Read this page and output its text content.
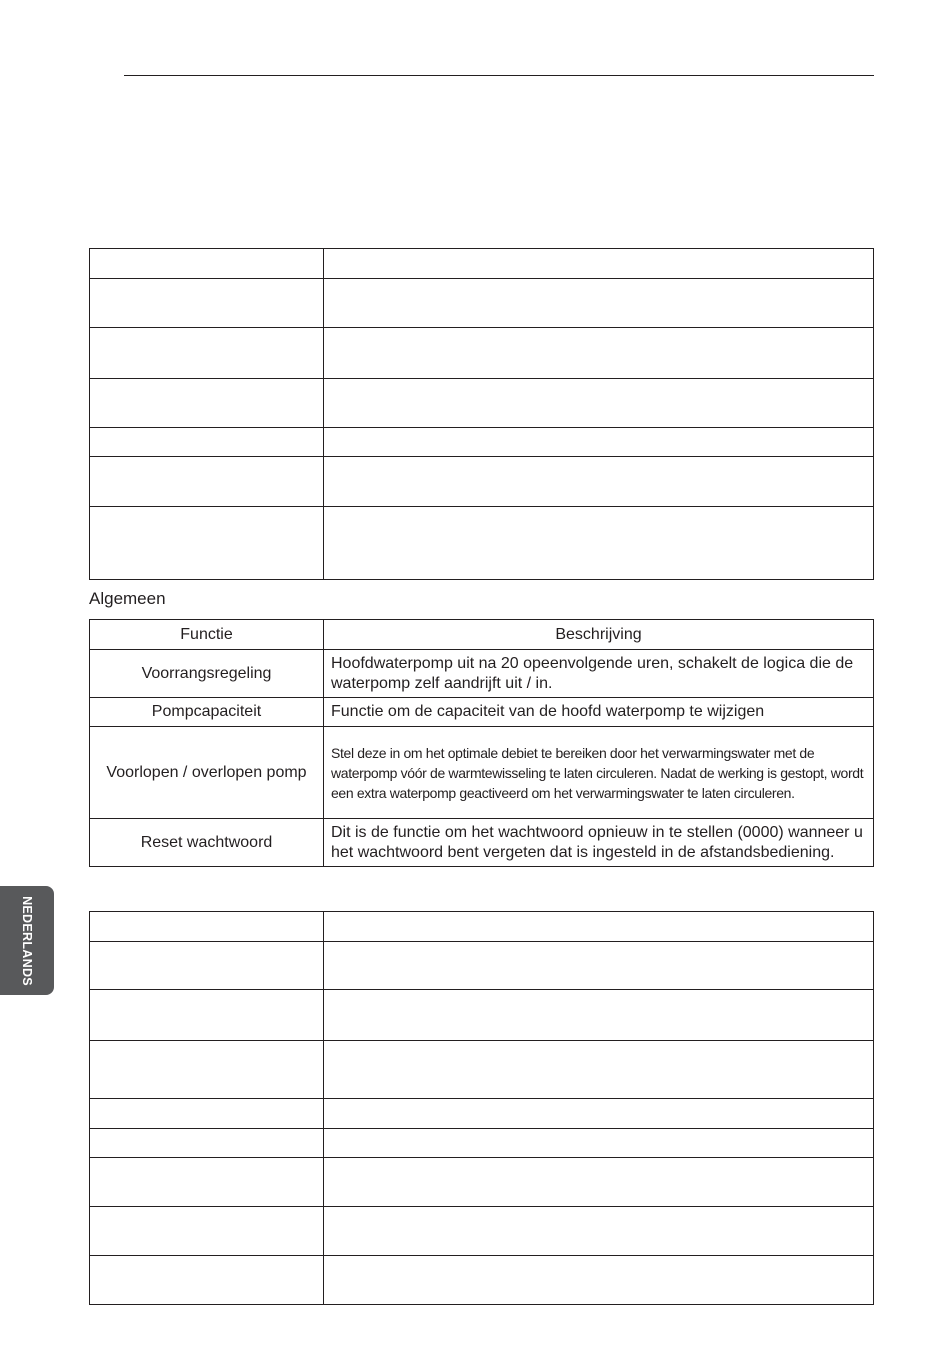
Algemeen

Functie	Beschrijving
Voorrangsregeling	Hoofdwaterpomp uit na 20 opeenvolgende uren, schakelt de logica die de waterpomp zelf aandrijft uit / in.
Pompcapaciteit	Functie om de capaciteit van de hoofd waterpomp te wijzigen
Voorlopen / overlopen pomp	Stel deze in om het optimale debiet te bereiken door het verwarmingswater met de waterpomp vóór de warmtewisseling te laten circuleren. Nadat de werking is gestopt, wordt een extra waterpomp geactiveerd om het verwarmingswater te laten circuleren.
Reset wachtwoord	Dit is de functie om het wachtwoord opnieuw in te stellen (0000) wanneer u het wachtwoord bent vergeten dat is ingesteld in de afstandsbediening.
NEDERLANDS
